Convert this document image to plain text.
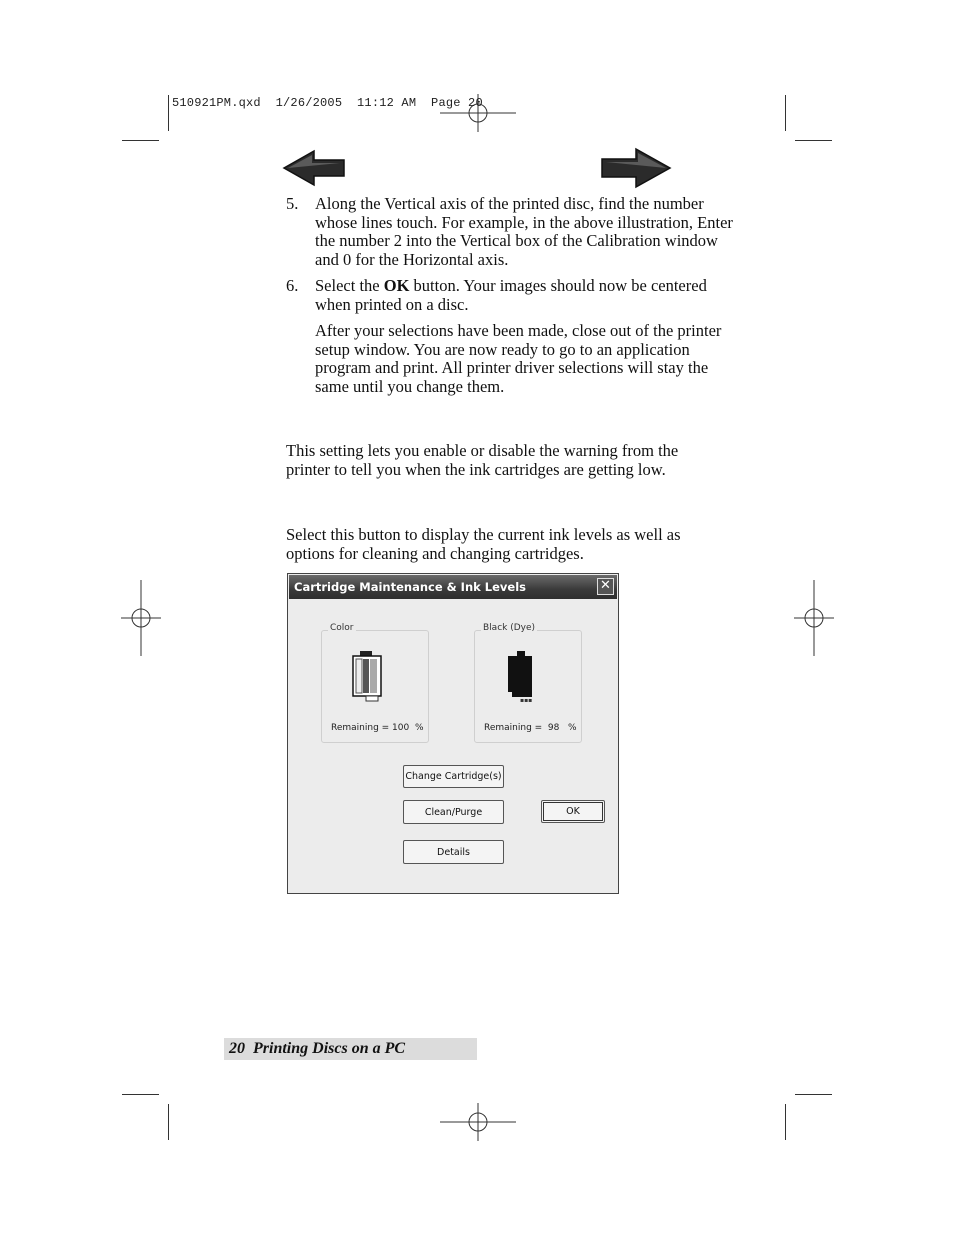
510921PM.qxd  1/26/2005  11:12 AM  Page 20
5. Along the Vertical axis of the printed disc, find the number whose lines touch. For example, in the above illustration, Enter the number 2 into the Vertical box of the Calibration window and 0 for the Horizontal axis.
6. Select the OK button. Your images should now be centered when printed on a disc.
After your selections have been made, close out of the printer setup window. You are now ready to go to an application program and print. All printer driver selections will stay the same until you change them.
This setting lets you enable or disable the warning from the printer to tell you when the ink cartridges are getting low.
Select this button to display the current ink levels as well as options for cleaning and changing cartridges.
Cartridge Maintenance & Ink Levels	✕
Color
Remaining = 100  %
Black (Dye)
▪▪▪
Remaining =  98   %
Change Cartridge(s)
Clean/Purge
Details
OK
20 Printing Discs on a PC
